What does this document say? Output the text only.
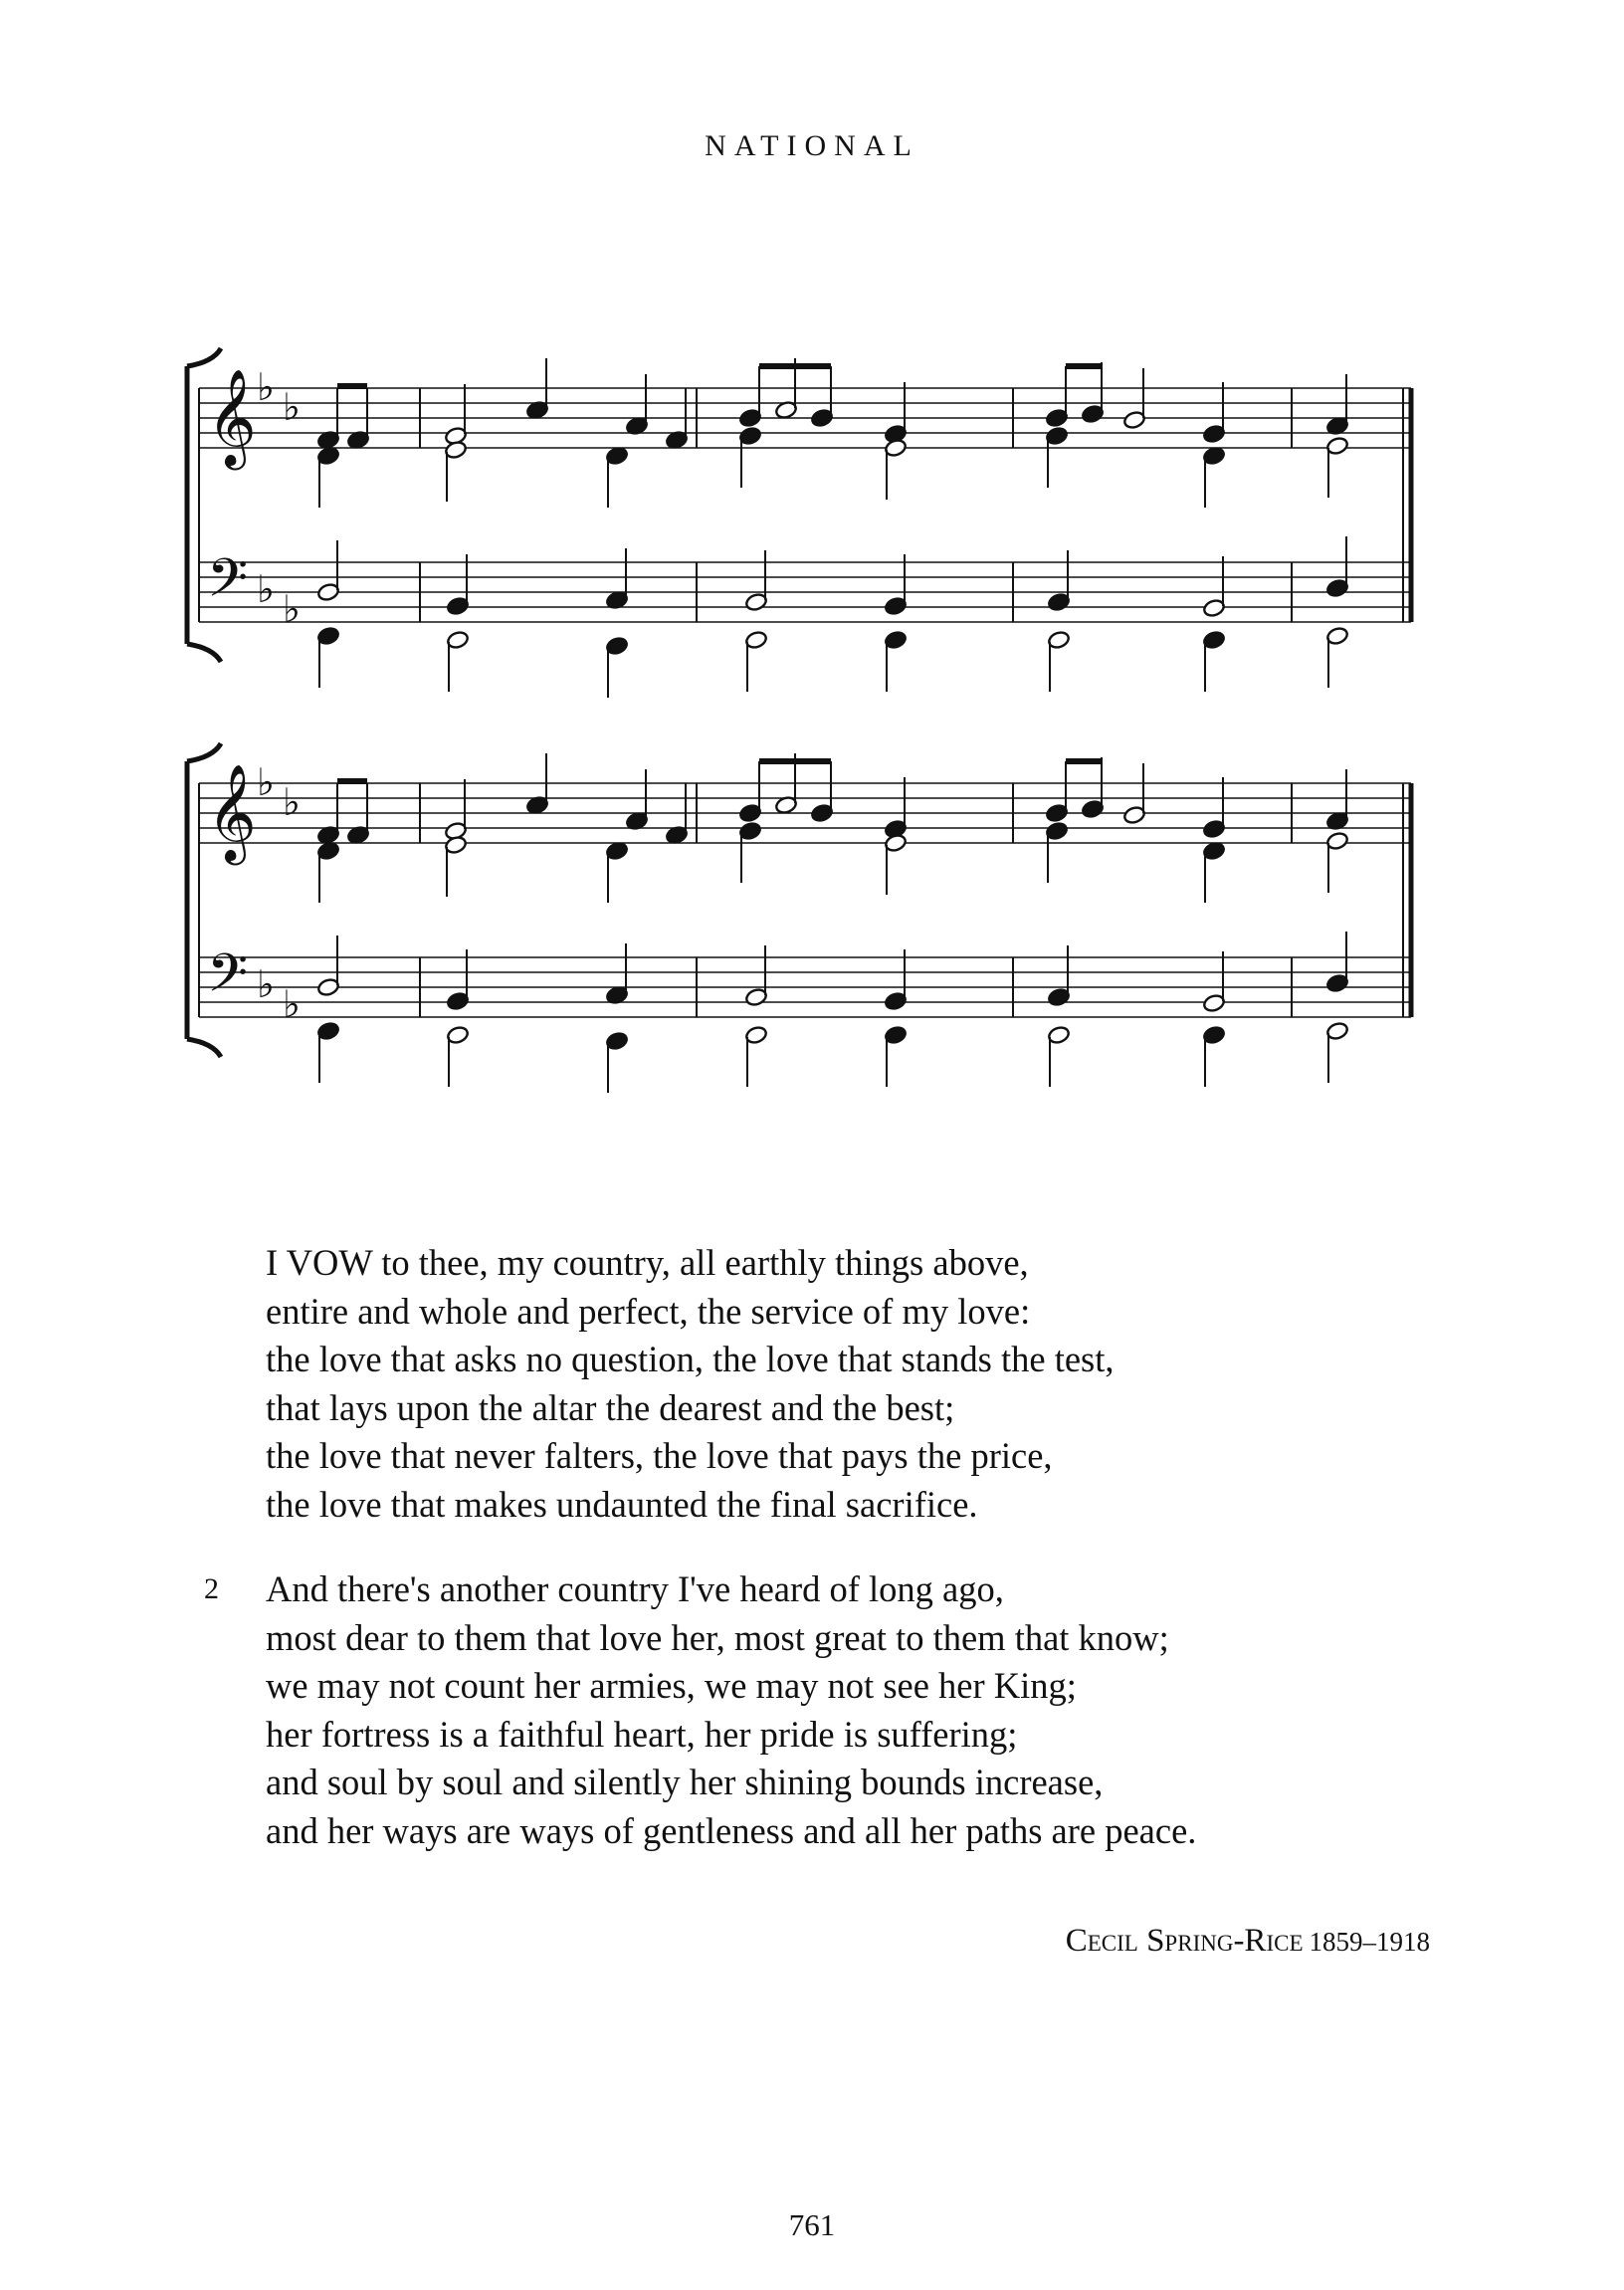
NATIONAL
𝄞 ♭ ♭
𝄢 ♭ ♭
𝄞 ♭ ♭
𝄢 ♭ ♭

I VOW to thee, my country, all earthly things above,

entire and whole and perfect, the service of my love:

the love that asks no question, the love that stands the test,

that lays upon the altar the dearest and the best;

the love that never falters, the love that pays the price,

the love that makes undaunted the final sacrifice.

2 And there's another country I've heard of long ago,

most dear to them that love her, most great to them that know;

we may not count her armies, we may not see her King;

her fortress is a faithful heart, her pride is suffering;

and soul by soul and silently her shining bounds increase,

and her ways are ways of gentleness and all her paths are peace.

Cecil Spring-Rice 1859–1918
761
